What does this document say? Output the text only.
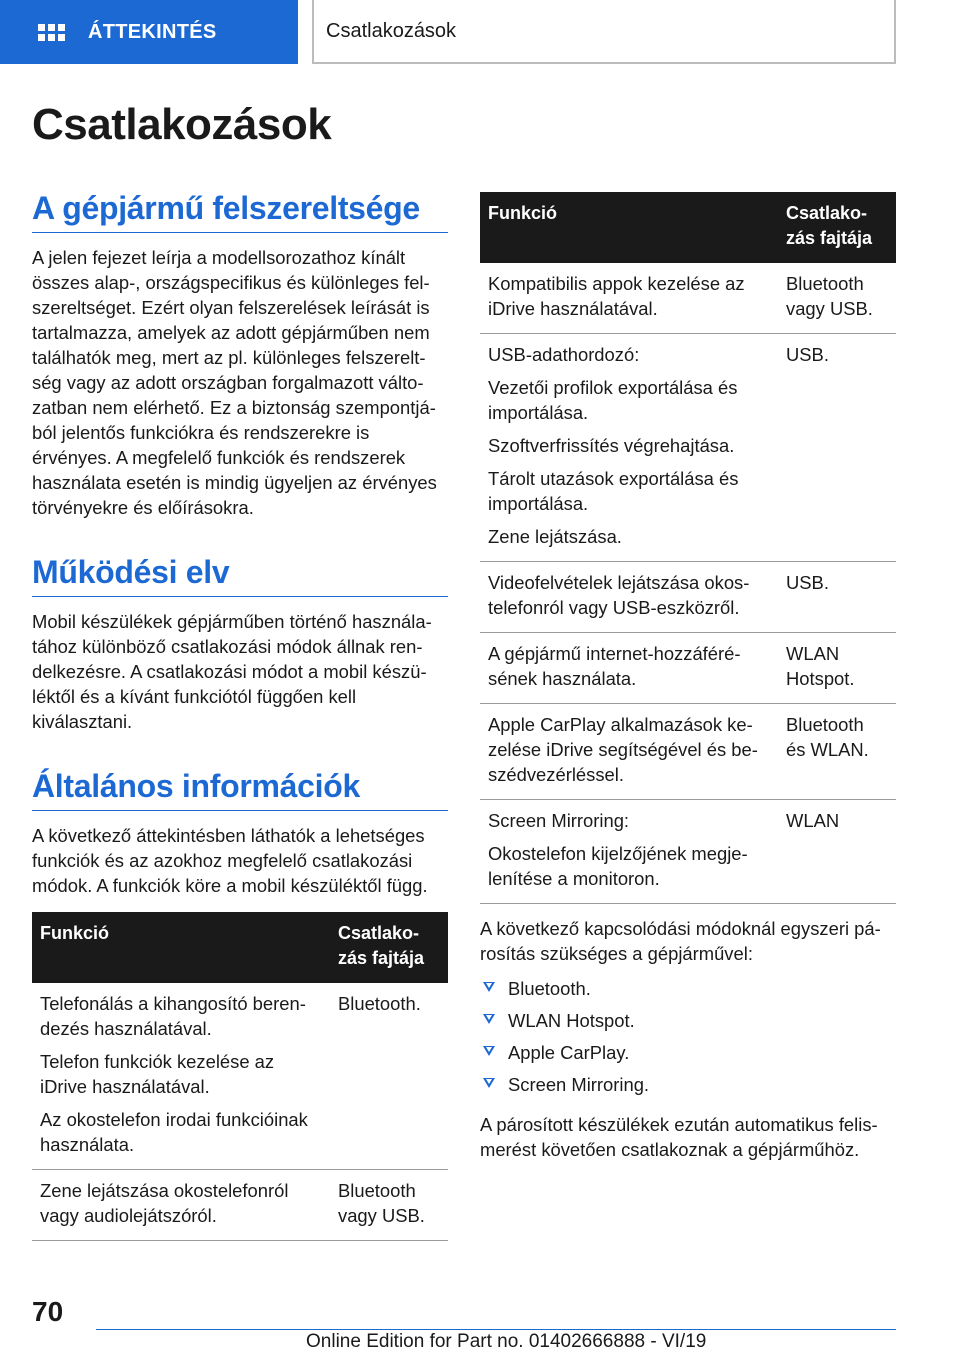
ÁTTEKINTÉS	Csatlakozások
Csatlakozások
A gépjármű felszereltsége

A jelen fejezet leírja a modellsorozathoz kínált összes alap-, országspecifikus és különleges felszereltséget. Ezért olyan felszerelések leírását is tartalmazza, amelyek az adott gépjárműben nem találhatók meg, mert az pl. különleges felszereltség vagy az adott országban forgalmazott változatban nem elérhető. Ez a biztonság szempontjából jelentős funkciókra és rendszerekre is érvényes. A megfelelő funkciók és rendszerek használata esetén is mindig ügyeljen az érvényes törvényekre és előírásokra.

Működési elv

Mobil készülékek gépjárműben történő használatához különböző csatlakozási módok állnak rendelkezésre. A csatlakozási módot a mobil készüléktől és a kívánt funkciótól függően kell kiválasztani.

Általános információk

A következő áttekintésben láthatók a lehetséges funkciók és az azokhoz megfelelő csatlakozási módok. A funkciók köre a mobil készüléktől függ.

Funkció	Csatlakozás fajtája

Telefonálás a kihangosító berendezés használatával.

Telefon funkciók kezelése az iDrive használatával.

Az okostelefon irodai funkcióinak használata.	Bluetooth.

Zene lejátszása okostelefonról vagy audiolejátszóról.	Bluetooth vagy USB.
Funkció	Csatlakozás fajtája

Kompatibilis appok kezelése az iDrive használatával.	Bluetooth vagy USB.

USB-adathordozó:

Vezetői profilok exportálása és importálása.

Szoftverfrissítés végrehajtása.

Tárolt utazások exportálása és importálása.

Zene lejátszása.	USB.

Videofelvételek lejátszása okostelefonról vagy USB-eszközről.	USB.

A gépjármű internet-hozzáférésének használata.	WLAN Hotspot.

Apple CarPlay alkalmazások kezelése iDrive segítségével és beszédvezérléssel.	Bluetooth és WLAN.

Screen Mirroring:

Okostelefon kijelzőjének megjelenítése a monitoron.	WLAN

A következő kapcsolódási módoknál egyszeri párosítás szükséges a gépjárművel:

Bluetooth.
WLAN Hotspot.
Apple CarPlay.
Screen Mirroring.

A párosított készülékek ezután automatikus felismerést követően csatlakoznak a gépjárműhöz.

70
Online Edition for Part no. 01402666888 - VI/19
